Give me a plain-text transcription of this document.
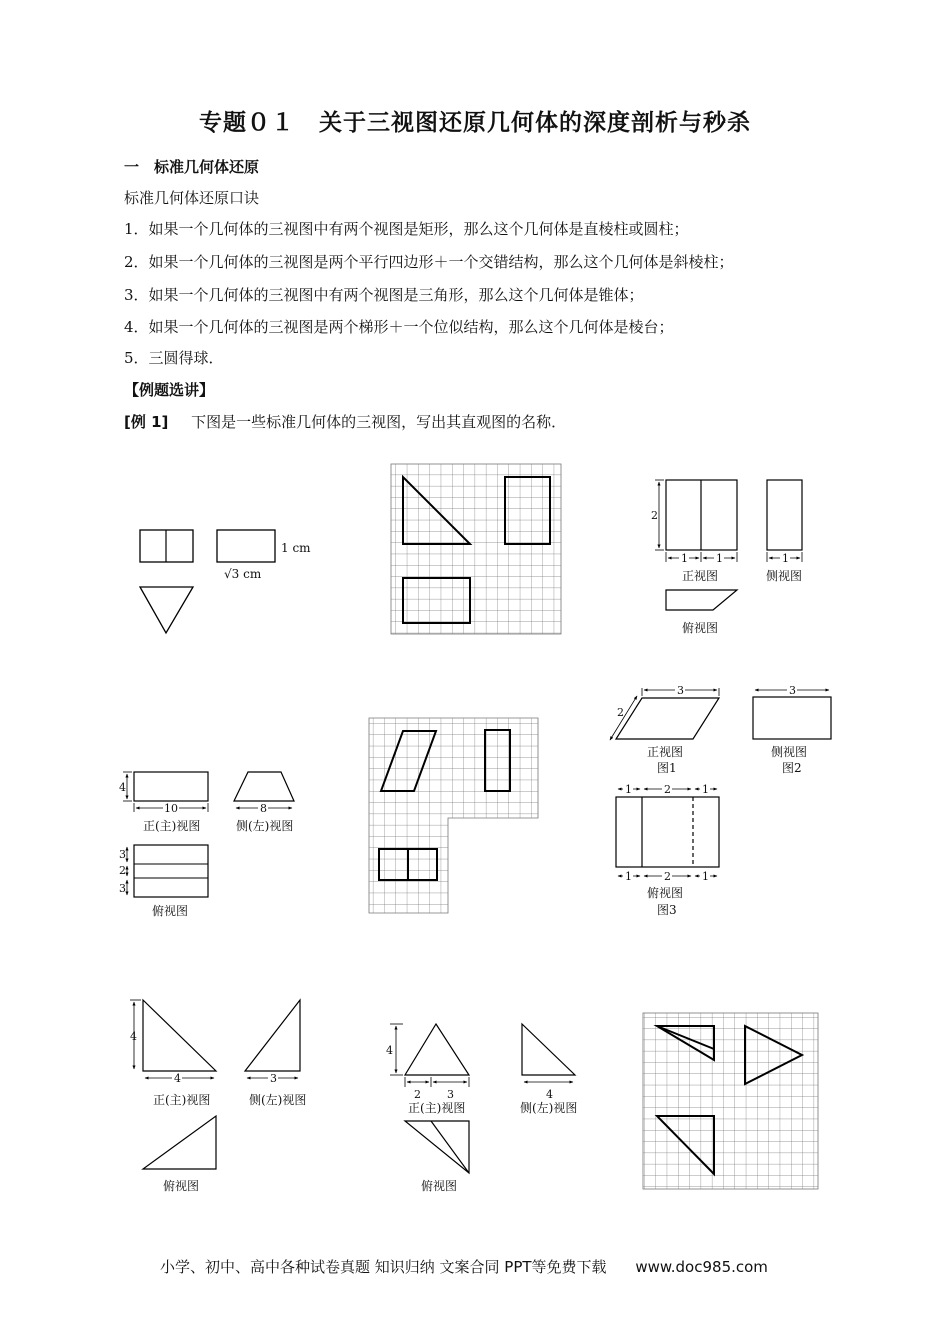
专题０１　关于三视图还原几何体的深度剖析与秒杀
一　标准几何体还原
标准几何体还原口诀
1．如果一个几何体的三视图中有两个视图是矩形，那么这个几何体是直棱柱或圆柱；
2．如果一个几何体的三视图是两个平行四边形＋一个交错结构，那么这个几何体是斜棱柱；
3．如果一个几何体的三视图中有两个视图是三角形，那么这个几何体是锥体；
4．如果一个几何体的三视图是两个梯形＋一个位似结构，那么这个几何体是棱台；
5．三圆得球．
【例题选讲】
[例 1] 下图是一些标准几何体的三视图，写出其直观图的名称．
1 cm
√3 cm
2
1	1
正视图
1
侧视图
俯视图
4
10
正(主)视图
8
侧(左)视图
3
2
3
俯视图
3
2
正视图
图1
3
侧视图
图2
1	2	1
1	2	1
俯视图
图3
4
4
正(主)视图
3
侧(左)视图
俯视图
4
2 3
正(主)视图
4
侧(左)视图
俯视图
小学、初中、高中各种试卷真题 知识归纳 文案合同 PPT等免费下载 www.doc985.com
